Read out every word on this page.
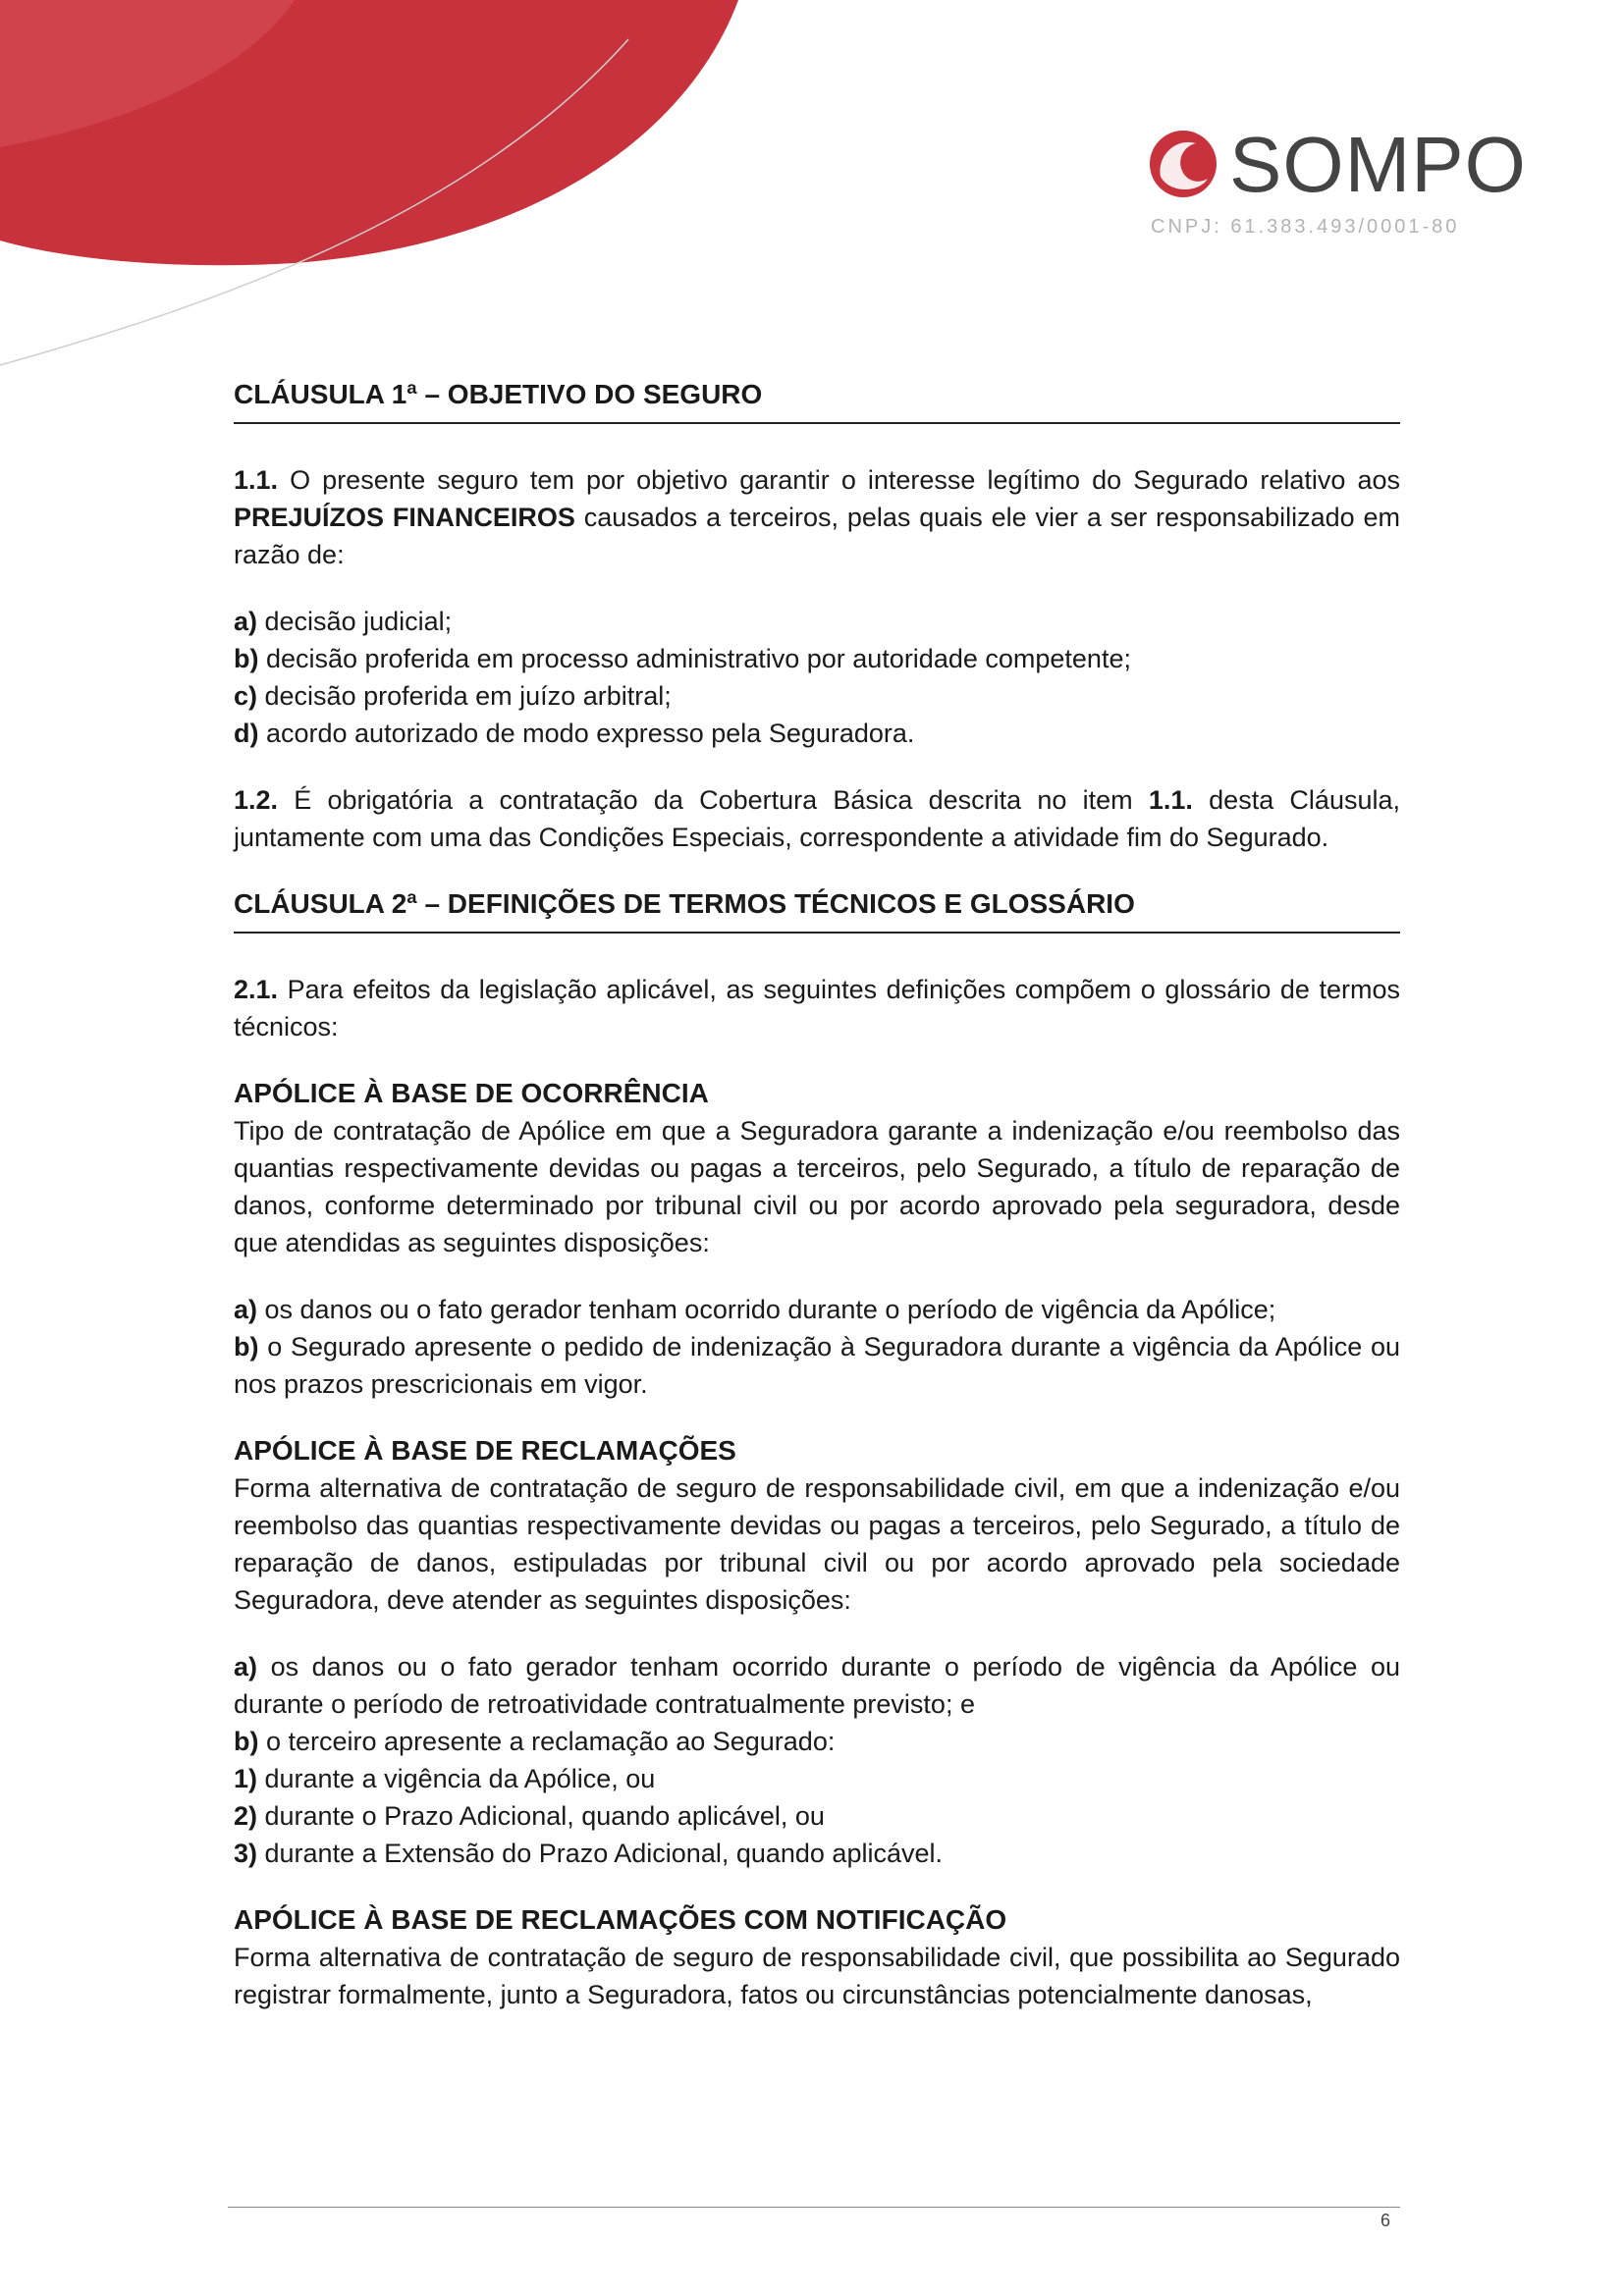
SOMPO
CNPJ: 61.383.493/0001-80

CLÁUSULA 1ª – OBJETIVO DO SEGURO

1.1. O presente seguro tem por objetivo garantir o interesse legítimo do Segurado relativo aos PREJUÍZOS FINANCEIROS causados a terceiros, pelas quais ele vier a ser responsabilizado em razão de:

a) decisão judicial;

b) decisão proferida em processo administrativo por autoridade competente;

c) decisão proferida em juízo arbitral;

d) acordo autorizado de modo expresso pela Seguradora.

1.2. É obrigatória a contratação da Cobertura Básica descrita no item 1.1. desta Cláusula, juntamente com uma das Condições Especiais, correspondente a atividade fim do Segurado.

CLÁUSULA 2ª – DEFINIÇÕES DE TERMOS TÉCNICOS E GLOSSÁRIO

2.1. Para efeitos da legislação aplicável, as seguintes definições compõem o glossário de termos técnicos:

APÓLICE À BASE DE OCORRÊNCIA

Tipo de contratação de Apólice em que a Seguradora garante a indenização e/ou reembolso das quantias respectivamente devidas ou pagas a terceiros, pelo Segurado, a título de reparação de danos, conforme determinado por tribunal civil ou por acordo aprovado pela seguradora, desde que atendidas as seguintes disposições:

a) os danos ou o fato gerador tenham ocorrido durante o período de vigência da Apólice;

b) o Segurado apresente o pedido de indenização à Seguradora durante a vigência da Apólice ou nos prazos prescricionais em vigor.

APÓLICE À BASE DE RECLAMAÇÕES

Forma alternativa de contratação de seguro de responsabilidade civil, em que a indenização e/ou reembolso das quantias respectivamente devidas ou pagas a terceiros, pelo Segurado, a título de reparação de danos, estipuladas por tribunal civil ou por acordo aprovado pela sociedade Seguradora, deve atender as seguintes disposições:

a) os danos ou o fato gerador tenham ocorrido durante o período de vigência da Apólice ou durante o período de retroatividade contratualmente previsto; e

b) o terceiro apresente a reclamação ao Segurado:

1) durante a vigência da Apólice, ou

2) durante o Prazo Adicional, quando aplicável, ou

3) durante a Extensão do Prazo Adicional, quando aplicável.

APÓLICE À BASE DE RECLAMAÇÕES COM NOTIFICAÇÃO

Forma alternativa de contratação de seguro de responsabilidade civil, que possibilita ao Segurado registrar formalmente, junto a Seguradora, fatos ou circunstâncias potencialmente danosas,

6
